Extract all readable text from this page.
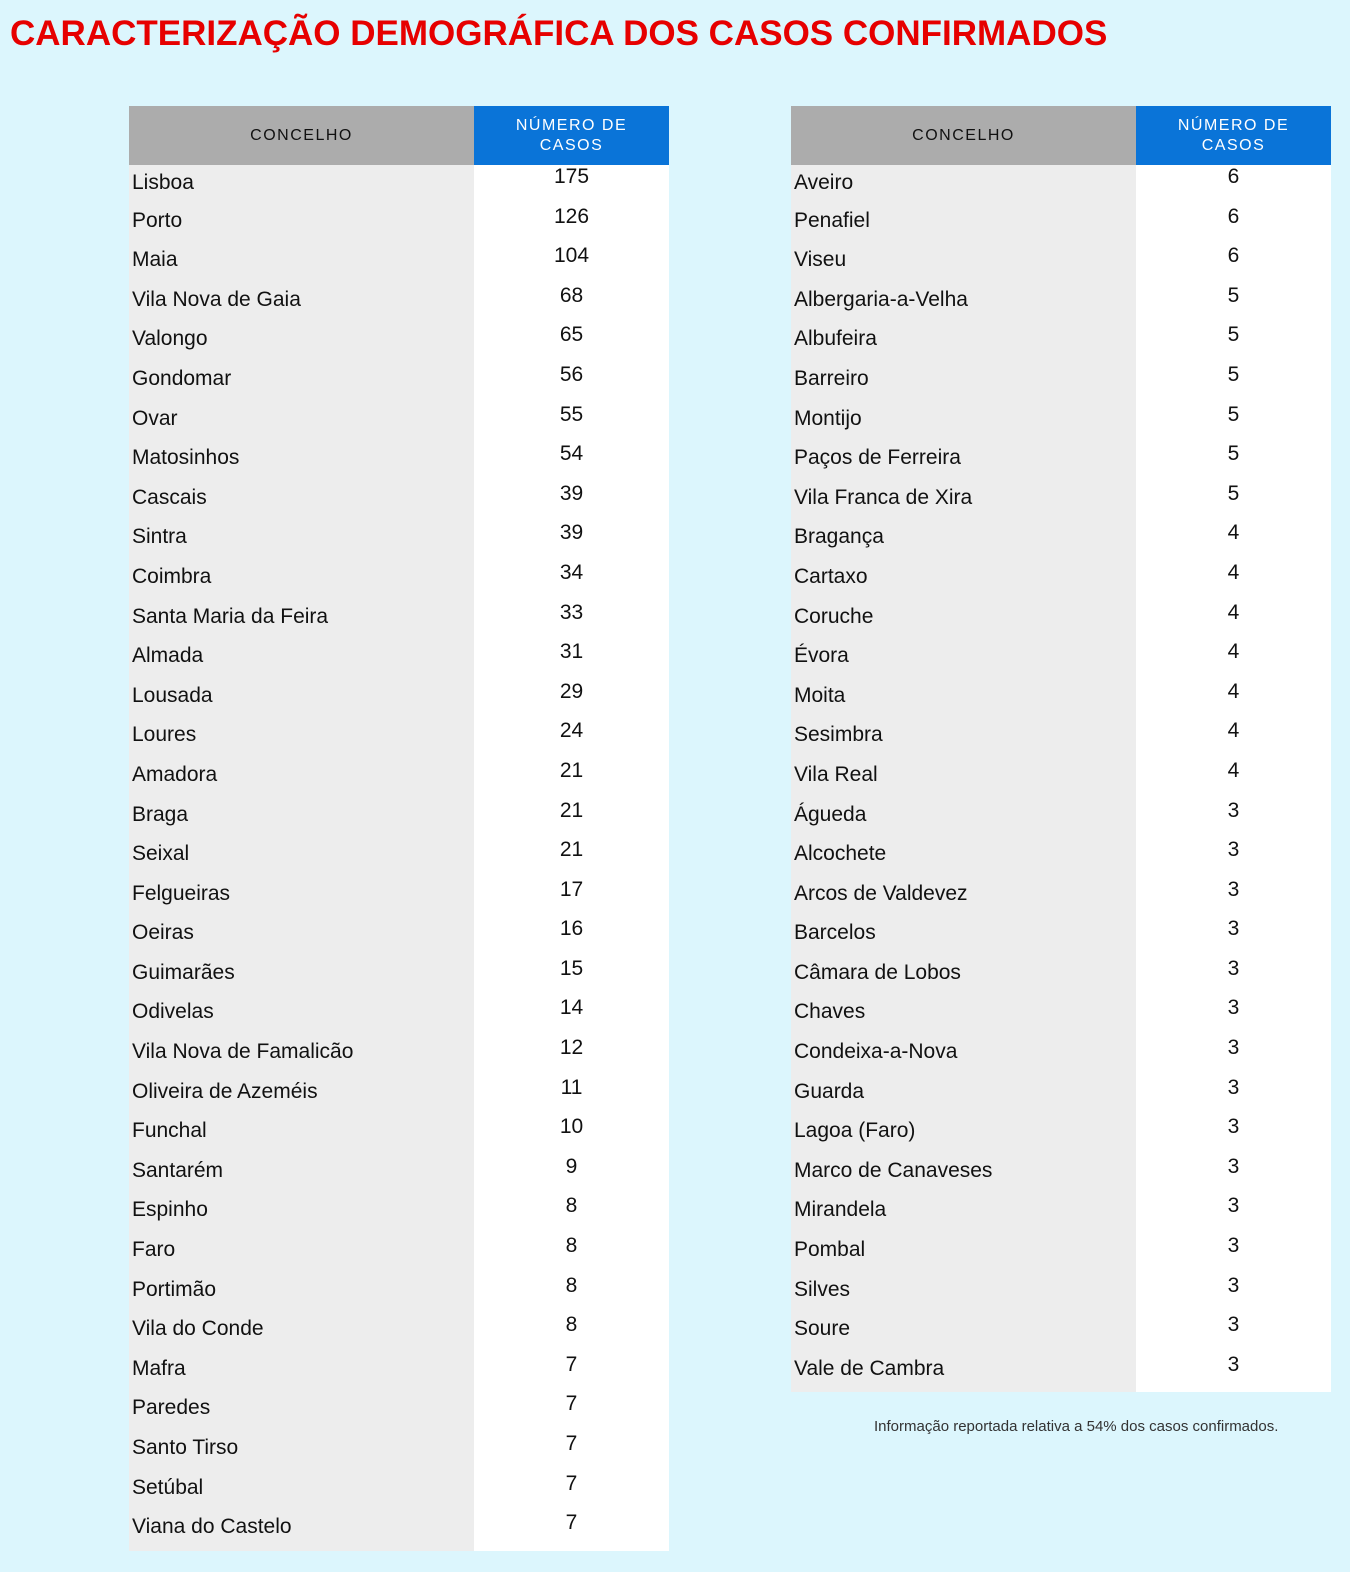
CARACTERIZAÇÃO DEMOGRÁFICA DOS CASOS CONFIRMADOS
CONCELHO	NÚMERO DE
CASOS
Lisboa	175
Porto	126
Maia	104
Vila Nova de Gaia	68
Valongo	65
Gondomar	56
Ovar	55
Matosinhos	54
Cascais	39
Sintra	39
Coimbra	34
Santa Maria da Feira	33
Almada	31
Lousada	29
Loures	24
Amadora	21
Braga	21
Seixal	21
Felgueiras	17
Oeiras	16
Guimarães	15
Odivelas	14
Vila Nova de Famalicão	12
Oliveira de Azeméis	11
Funchal	10
Santarém	9
Espinho	8
Faro	8
Portimão	8
Vila do Conde	8
Mafra	7
Paredes	7
Santo Tirso	7
Setúbal	7
Viana do Castelo	7
CONCELHO	NÚMERO DE
CASOS
Aveiro	6
Penafiel	6
Viseu	6
Albergaria-a-Velha	5
Albufeira	5
Barreiro	5
Montijo	5
Paços de Ferreira	5
Vila Franca de Xira	5
Bragança	4
Cartaxo	4
Coruche	4
Évora	4
Moita	4
Sesimbra	4
Vila Real	4
Águeda	3
Alcochete	3
Arcos de Valdevez	3
Barcelos	3
Câmara de Lobos	3
Chaves	3
Condeixa-a-Nova	3
Guarda	3
Lagoa (Faro)	3
Marco de Canaveses	3
Mirandela	3
Pombal	3
Silves	3
Soure	3
Vale de Cambra	3
Informação reportada relativa a 54% dos casos confirmados.
